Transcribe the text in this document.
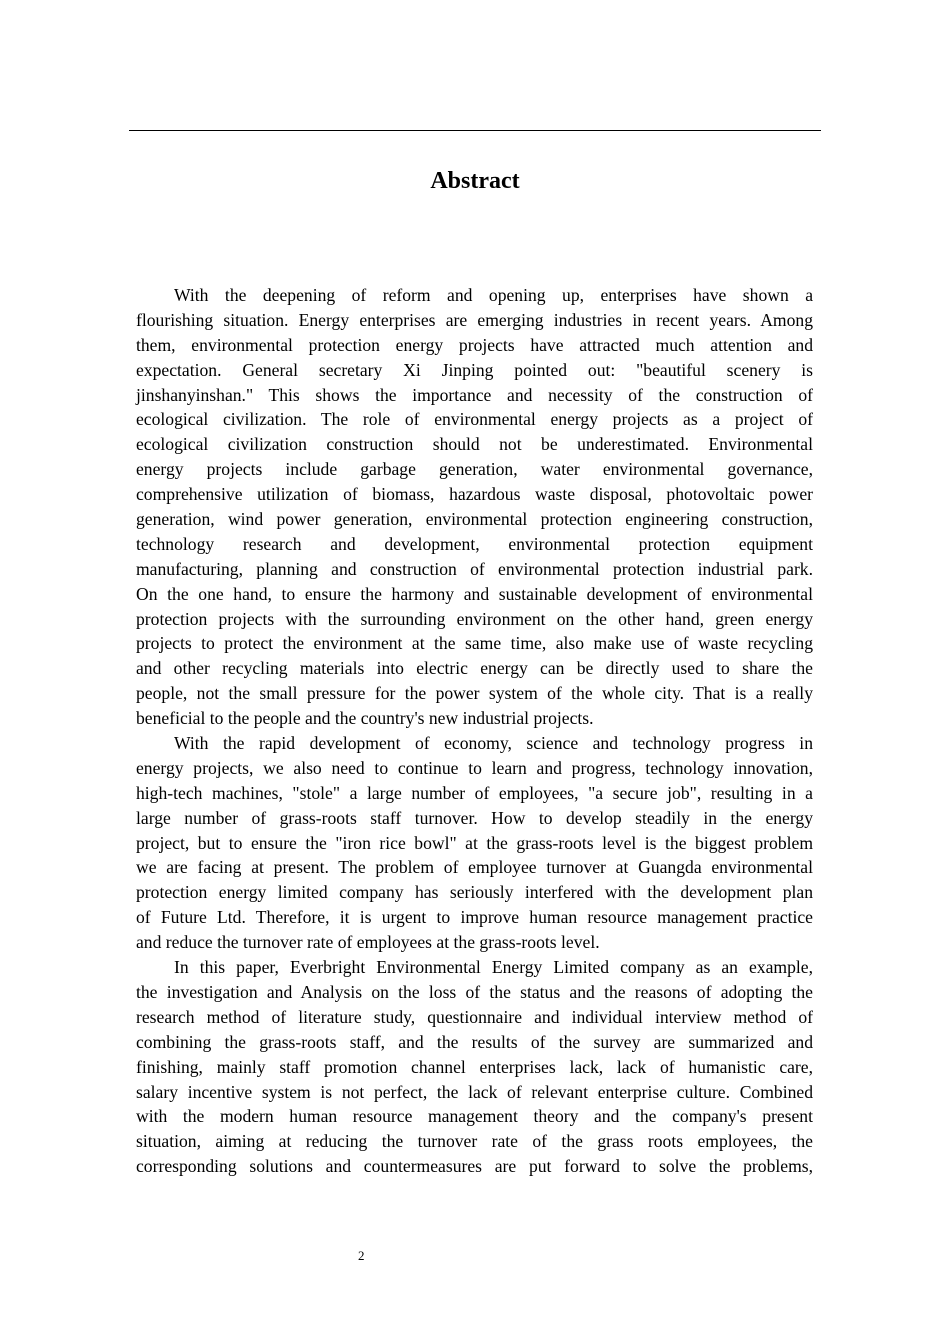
Abstract
With the deepening of reform and opening up, enterprises have shown a
flourishing situation. Energy enterprises are emerging industries in recent years. Among
them, environmental protection energy projects have attracted much attention and
expectation. General secretary Xi Jinping pointed out: "beautiful scenery is
jinshanyinshan." This shows the importance and necessity of the construction of
ecological civilization. The role of environmental energy projects as a project of
ecological civilization construction should not be underestimated. Environmental
energy projects include garbage generation, water environmental governance,
comprehensive utilization of biomass, hazardous waste disposal, photovoltaic power
generation, wind power generation, environmental protection engineering construction,
technology research and development, environmental protection equipment
manufacturing, planning and construction of environmental protection industrial park.
On the one hand, to ensure the harmony and sustainable development of environmental
protection projects with the surrounding environment on the other hand, green energy
projects to protect the environment at the same time, also make use of waste recycling
and other recycling materials into electric energy can be directly used to share the
people, not the small pressure for the power system of the whole city. That is a really
beneficial to the people and the country's new industrial projects.
With the rapid development of economy, science and technology progress in
energy projects, we also need to continue to learn and progress, technology innovation,
high-tech machines, "stole" a large number of employees, "a secure job", resulting in a
large number of grass-roots staff turnover. How to develop steadily in the energy
project, but to ensure the "iron rice bowl" at the grass-roots level is the biggest problem
we are facing at present. The problem of employee turnover at Guangda environmental
protection energy limited company has seriously interfered with the development plan
of Future Ltd. Therefore, it is urgent to improve human resource management practice
and reduce the turnover rate of employees at the grass-roots level.
In this paper, Everbright Environmental Energy Limited company as an example,
the investigation and Analysis on the loss of the status and the reasons of adopting the
research method of literature study, questionnaire and individual interview method of
combining the grass-roots staff, and the results of the survey are summarized and
finishing, mainly staff promotion channel enterprises lack, lack of humanistic care,
salary incentive system is not perfect, the lack of relevant enterprise culture. Combined
with the modern human resource management theory and the company's present
situation, aiming at reducing the turnover rate of the grass roots employees, the
corresponding solutions and countermeasures are put forward to solve the problems,
2
